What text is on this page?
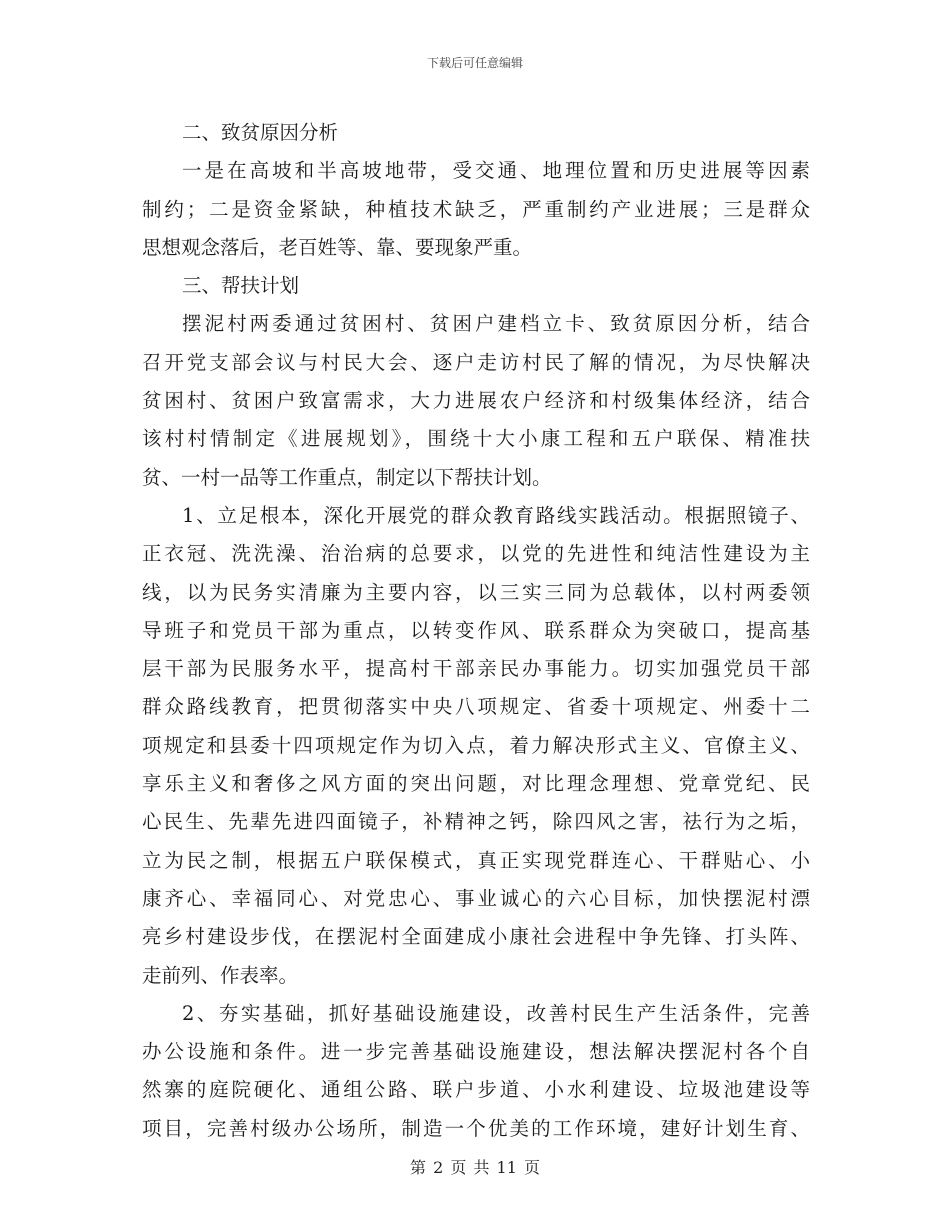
下载后可任意编辑
二、致贫原因分析
一是在高坡和半高坡地带，受交通、地理位置和历史进展等因素
制约；二是资金紧缺，种植技术缺乏，严重制约产业进展；三是群众
思想观念落后，老百姓等、靠、要现象严重。
三、帮扶计划
摆泥村两委通过贫困村、贫困户建档立卡、致贫原因分析，结合
召开党支部会议与村民大会、逐户走访村民了解的情况，为尽快解决
贫困村、贫困户致富需求，大力进展农户经济和村级集体经济，结合
该村村情制定《进展规划》，围绕十大小康工程和五户联保、精准扶
贫、一村一品等工作重点，制定以下帮扶计划。
1、立足根本，深化开展党的群众教育路线实践活动。根据照镜子、
正衣冠、洗洗澡、治治病的总要求，以党的先进性和纯洁性建设为主
线，以为民务实清廉为主要内容，以三实三同为总载体，以村两委领
导班子和党员干部为重点，以转变作风、联系群众为突破口，提高基
层干部为民服务水平，提高村干部亲民办事能力。切实加强党员干部
群众路线教育，把贯彻落实中央八项规定、省委十项规定、州委十二
项规定和县委十四项规定作为切入点，着力解决形式主义、官僚主义、
享乐主义和奢侈之风方面的突出问题，对比理念理想、党章党纪、民
心民生、先辈先进四面镜子，补精神之钙，除四风之害，祛行为之垢，
立为民之制，根据五户联保模式，真正实现党群连心、干群贴心、小
康齐心、幸福同心、对党忠心、事业诚心的六心目标，加快摆泥村漂
亮乡村建设步伐，在摆泥村全面建成小康社会进程中争先锋、打头阵、
走前列、作表率。
2、夯实基础，抓好基础设施建设，改善村民生产生活条件，完善
办公设施和条件。进一步完善基础设施建设，想法解决摆泥村各个自
然寨的庭院硬化、通组公路、联户步道、小水利建设、垃圾池建设等
项目，完善村级办公场所，制造一个优美的工作环境，建好计划生育、
第 2 页 共 11 页
